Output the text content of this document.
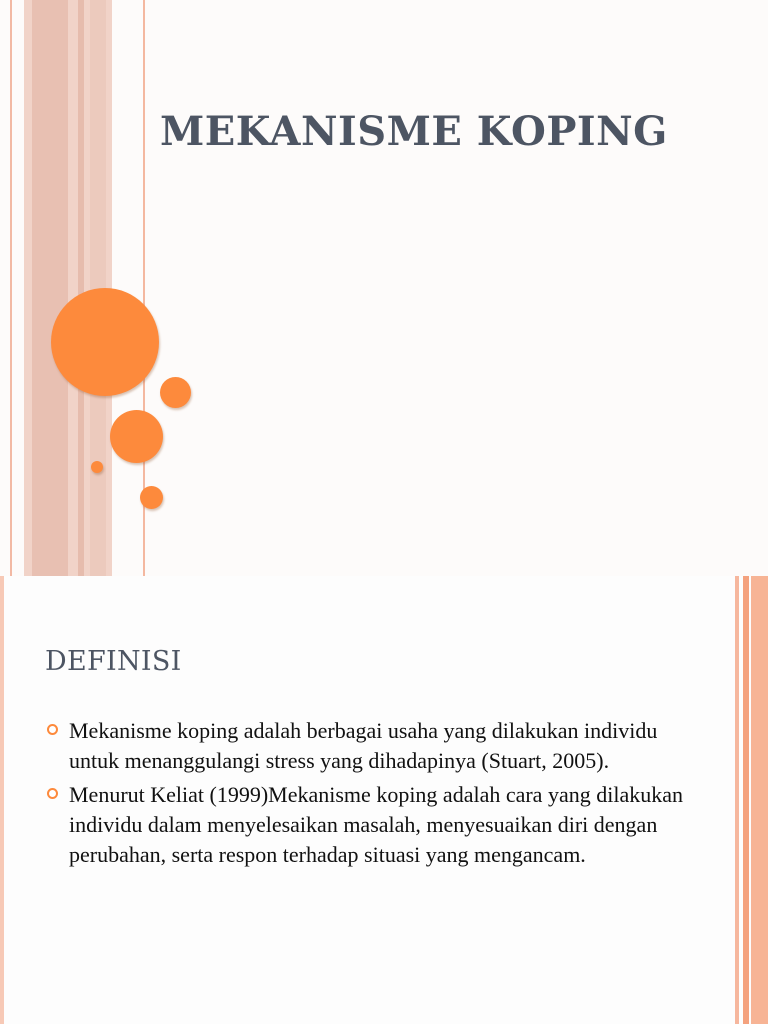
MEKANISME KOPING
DEFINISI
Mekanisme koping adalah berbagai usaha yang dilakukan individu untuk menanggulangi stress yang dihadapinya (Stuart, 2005).
Menurut Keliat (1999)Mekanisme koping adalah cara yang dilakukan individu dalam menyelesaikan masalah, menyesuaikan diri dengan perubahan, serta respon terhadap situasi yang mengancam.
